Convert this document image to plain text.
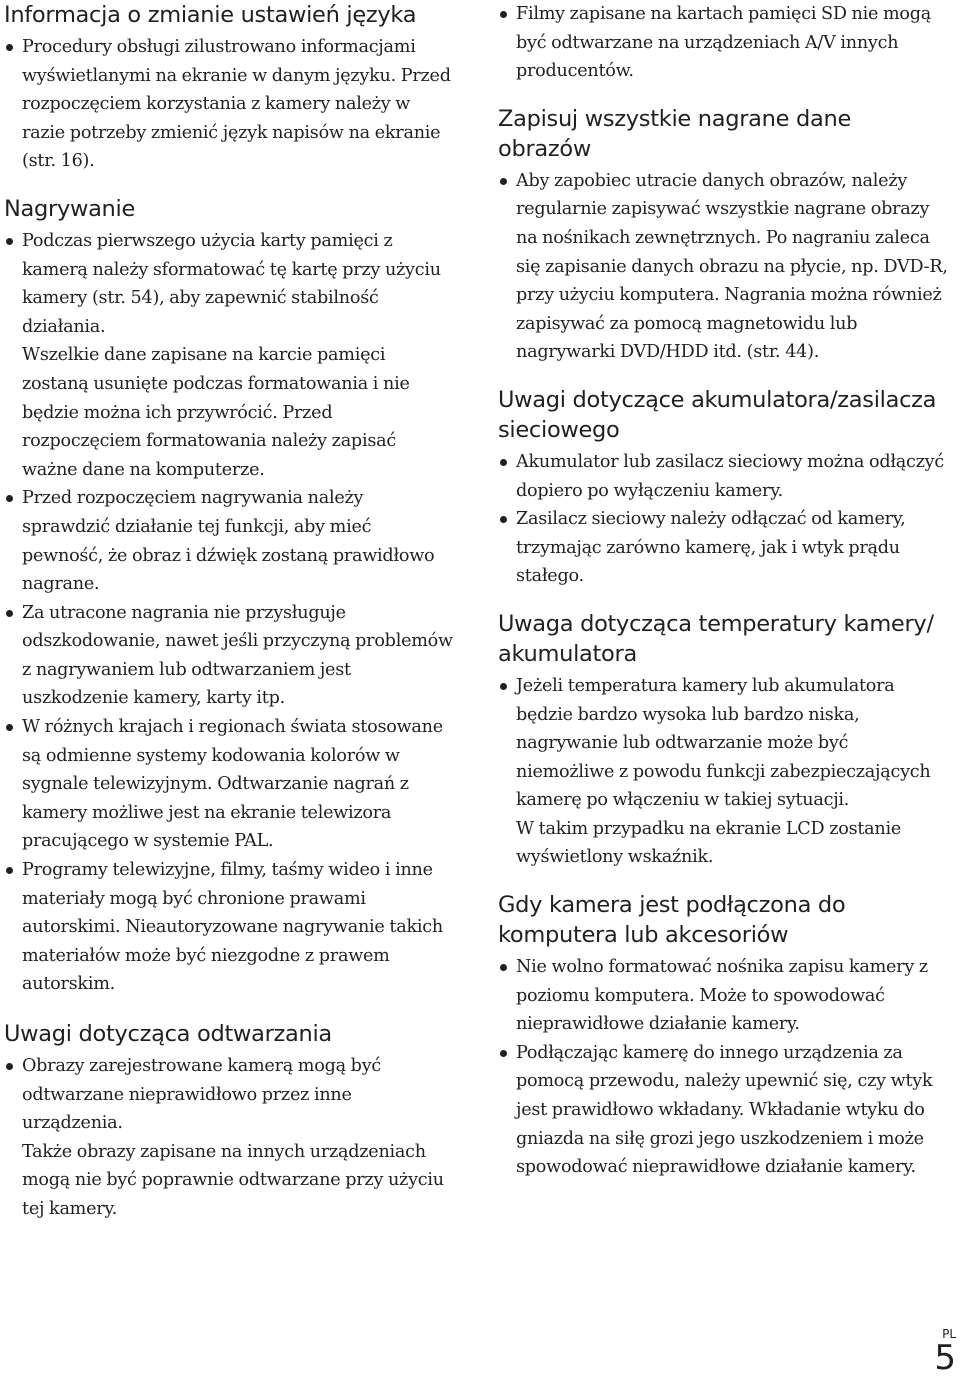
Informacja o zmianie ustawień języka
Procedury obsługi zilustrowano informacjami wyświetlanymi na ekranie w danym języku. Przed rozpoczęciem korzystania z kamery należy w razie potrzeby zmienić język napisów na ekranie (str. 16).
Nagrywanie
Podczas pierwszego użycia karty pamięci z kamerą należy sformatować tę kartę przy użyciu kamery (str. 54), aby zapewnić stabilność działania.
Wszelkie dane zapisane na karcie pamięci zostaną usunięte podczas formatowania i nie będzie można ich przywrócić. Przed rozpoczęciem formatowania należy zapisać ważne dane na komputerze.
Przed rozpoczęciem nagrywania należy sprawdzić działanie tej funkcji, aby mieć pewność, że obraz i dźwięk zostaną prawidłowo nagrane.
Za utracone nagrania nie przysługuje odszkodowanie, nawet jeśli przyczyną problemów z nagrywaniem lub odtwarzaniem jest uszkodzenie kamery, karty itp.
W różnych krajach i regionach świata stosowane są odmienne systemy kodowania kolorów w sygnale telewizyjnym. Odtwarzanie nagrań z kamery możliwe jest na ekranie telewizora pracującego w systemie PAL.
Programy telewizyjne, filmy, taśmy wideo i inne materiały mogą być chronione prawami autorskimi. Nieautoryzowane nagrywanie takich materiałów może być niezgodne z prawem autorskim.
Uwagi dotycząca odtwarzania
Obrazy zarejestrowane kamerą mogą być odtwarzane nieprawidłowo przez inne urządzenia.
Także obrazy zapisane na innych urządzeniach mogą nie być poprawnie odtwarzane przy użyciu tej kamery.
Filmy zapisane na kartach pamięci SD nie mogą być odtwarzane na urządzeniach A/V innych producentów.
Zapisuj wszystkie nagrane dane obrazów
Aby zapobiec utracie danych obrazów, należy regularnie zapisywać wszystkie nagrane obrazy na nośnikach zewnętrznych. Po nagraniu zaleca się zapisanie danych obrazu na płycie, np. DVD-R, przy użyciu komputera. Nagrania można również zapisywać za pomocą magnetowidu lub nagrywarki DVD/HDD itd. (str. 44).
Uwagi dotyczące akumulatora/zasilacza sieciowego
Akumulator lub zasilacz sieciowy można odłączyć dopiero po wyłączeniu kamery.
Zasilacz sieciowy należy odłączać od kamery, trzymając zarówno kamerę, jak i wtyk prądu stałego.
Uwaga dotycząca temperatury kamery/ akumulatora
Jeżeli temperatura kamery lub akumulatora będzie bardzo wysoka lub bardzo niska, nagrywanie lub odtwarzanie może być niemożliwe z powodu funkcji zabezpieczających kamerę po włączeniu w takiej sytuacji.
W takim przypadku na ekranie LCD zostanie wyświetlony wskaźnik.
Gdy kamera jest podłączona do komputera lub akcesoriów
Nie wolno formatować nośnika zapisu kamery z poziomu komputera. Może to spowodować nieprawidłowe działanie kamery.
Podłączając kamerę do innego urządzenia za pomocą przewodu, należy upewnić się, czy wtyk jest prawidłowo wkładany. Wkładanie wtyku do gniazda na siłę grozi jego uszkodzeniem i może spowodować nieprawidłowe działanie kamery.
PL
5
